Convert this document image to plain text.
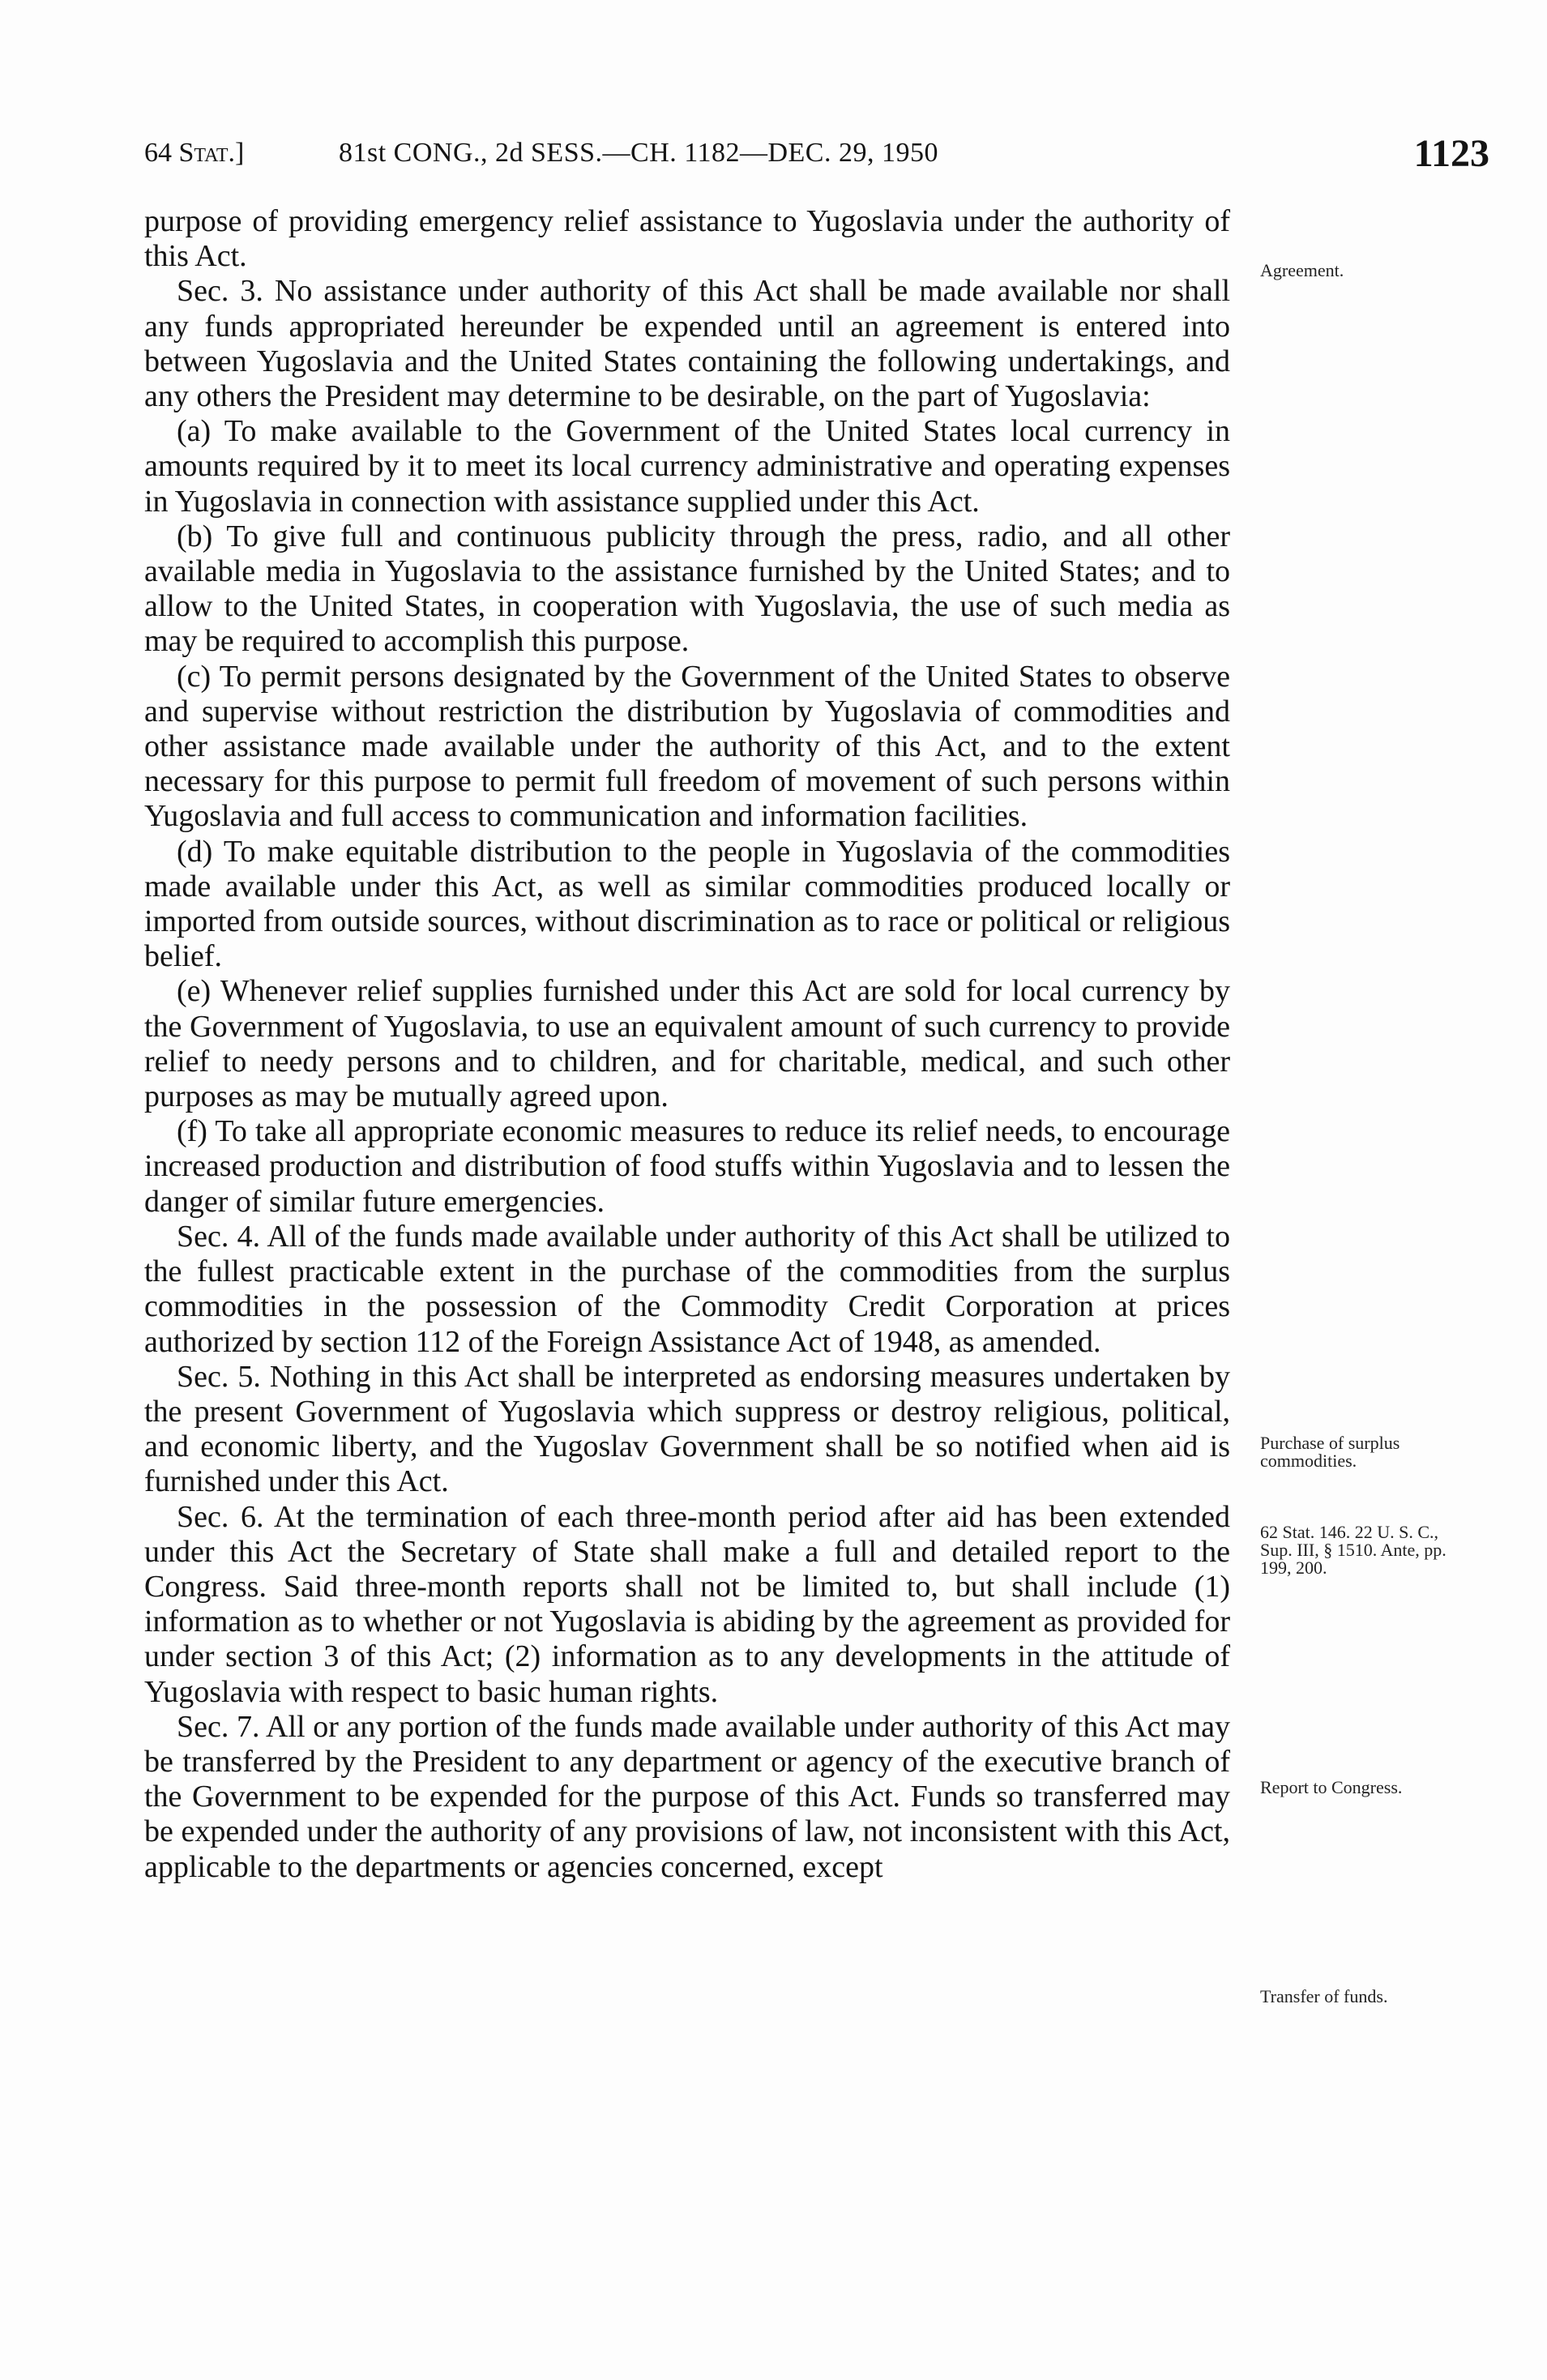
64 Stat.]	81st CONG., 2d SESS.—CH. 1182—DEC. 29, 1950	1123

purpose of providing emergency relief assistance to Yugoslavia under the authority of this Act.

Sec. 3. No assistance under authority of this Act shall be made available nor shall any funds appropriated hereunder be expended until an agreement is entered into between Yugoslavia and the United States containing the following undertakings, and any others the President may determine to be desirable, on the part of Yugoslavia:

(a) To make available to the Government of the United States local currency in amounts required by it to meet its local currency administrative and operating expenses in Yugoslavia in connection with assistance supplied under this Act.

(b) To give full and continuous publicity through the press, radio, and all other available media in Yugoslavia to the assistance furnished by the United States; and to allow to the United States, in cooperation with Yugoslavia, the use of such media as may be required to accomplish this purpose.

(c) To permit persons designated by the Government of the United States to observe and supervise without restriction the distribution by Yugoslavia of commodities and other assistance made available under the authority of this Act, and to the extent necessary for this purpose to permit full freedom of movement of such persons within Yugoslavia and full access to communication and information facilities.

(d) To make equitable distribution to the people in Yugoslavia of the commodities made available under this Act, as well as similar commodities produced locally or imported from outside sources, without discrimination as to race or political or religious belief.

(e) Whenever relief supplies furnished under this Act are sold for local currency by the Government of Yugoslavia, to use an equivalent amount of such currency to provide relief to needy persons and to children, and for charitable, medical, and such other purposes as may be mutually agreed upon.

(f) To take all appropriate economic measures to reduce its relief needs, to encourage increased production and distribution of food stuffs within Yugoslavia and to lessen the danger of similar future emergencies.

Sec. 4. All of the funds made available under authority of this Act shall be utilized to the fullest practicable extent in the purchase of the commodities from the surplus commodities in the possession of the Commodity Credit Corporation at prices authorized by section 112 of the Foreign Assistance Act of 1948, as amended.

Sec. 5. Nothing in this Act shall be interpreted as endorsing measures undertaken by the present Government of Yugoslavia which suppress or destroy religious, political, and economic liberty, and the Yugoslav Government shall be so notified when aid is furnished under this Act.

Sec. 6. At the termination of each three-month period after aid has been extended under this Act the Secretary of State shall make a full and detailed report to the Congress. Said three-month reports shall not be limited to, but shall include (1) information as to whether or not Yugoslavia is abiding by the agreement as provided for under section 3 of this Act; (2) information as to any developments in the attitude of Yugoslavia with respect to basic human rights.

Sec. 7. All or any portion of the funds made available under authority of this Act may be transferred by the President to any department or agency of the executive branch of the Government to be expended for the purpose of this Act. Funds so transferred may be expended under the authority of any provisions of law, not inconsistent with this Act, applicable to the departments or agencies concerned, except

Agreement.
Purchase of surplus commodities.
62 Stat. 146. 22 U. S. C., Sup. III, § 1510. Ante, pp. 199, 200.
Report to Congress.
Transfer of funds.
